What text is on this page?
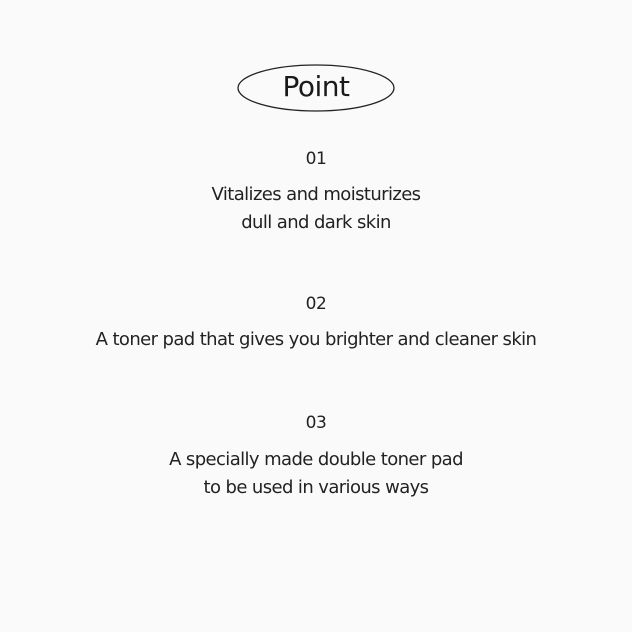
Point
01
Vitalizes and moisturizes
dull and dark skin
02
A toner pad that gives you brighter and cleaner skin
03
A specially made double toner pad
to be used in various ways
